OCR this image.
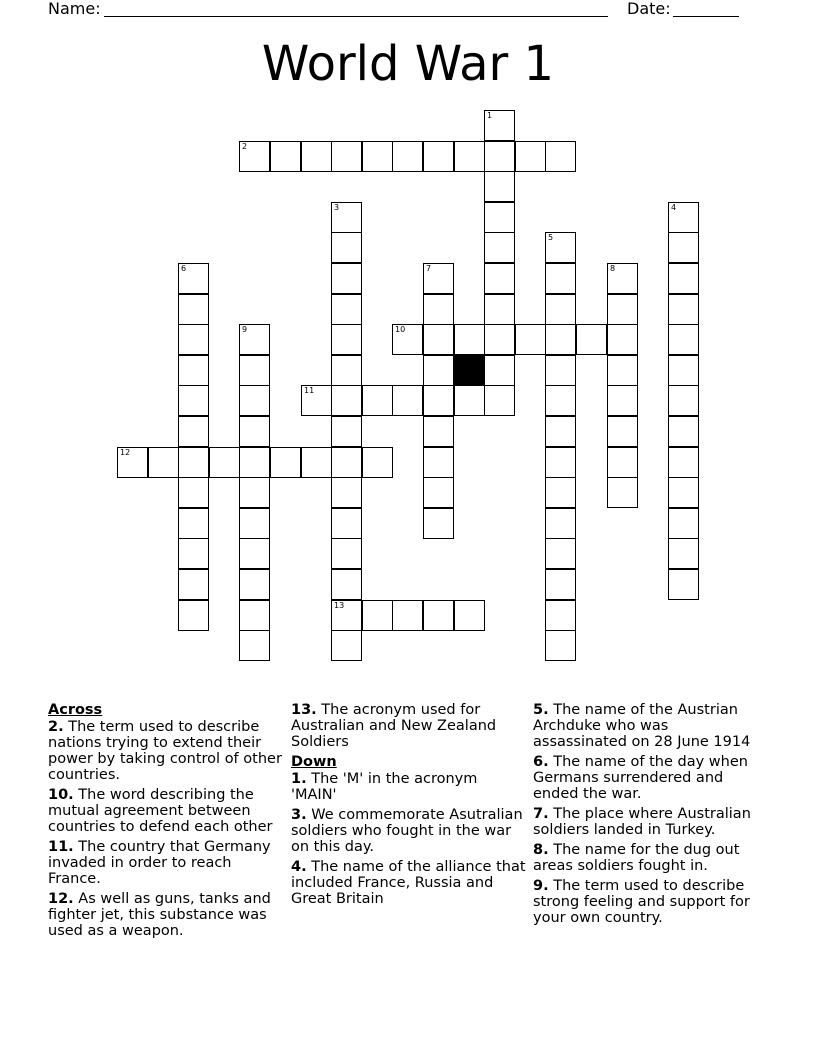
Name:	Date:
World War 1
1
2
3
13
4
5
6	7	8
9	10
11
12
Across
2. The term used to describe nations trying to extend their power by taking control of other countries.
10. The word describing the mutual agreement between countries to defend each other
11. The country that Germany invaded in order to reach France.
12. As well as guns, tanks and fighter jet, this substance was used as a weapon.
13. The acronym used for Australian and New Zealand Soldiers
Down
1. The 'M' in the acronym 'MAIN'
3. We commemorate Asutralian soldiers who fought in the war on this day.
4. The name of the alliance that included France, Russia and Great Britain
5. The name of the Austrian Archduke who was assassinated on 28 June 1914
6. The name of the day when Germans surrendered and ended the war.
7. The place where Australian soldiers landed in Turkey.
8. The name for the dug out areas soldiers fought in.
9. The term used to describe strong feeling and support for your own country.
